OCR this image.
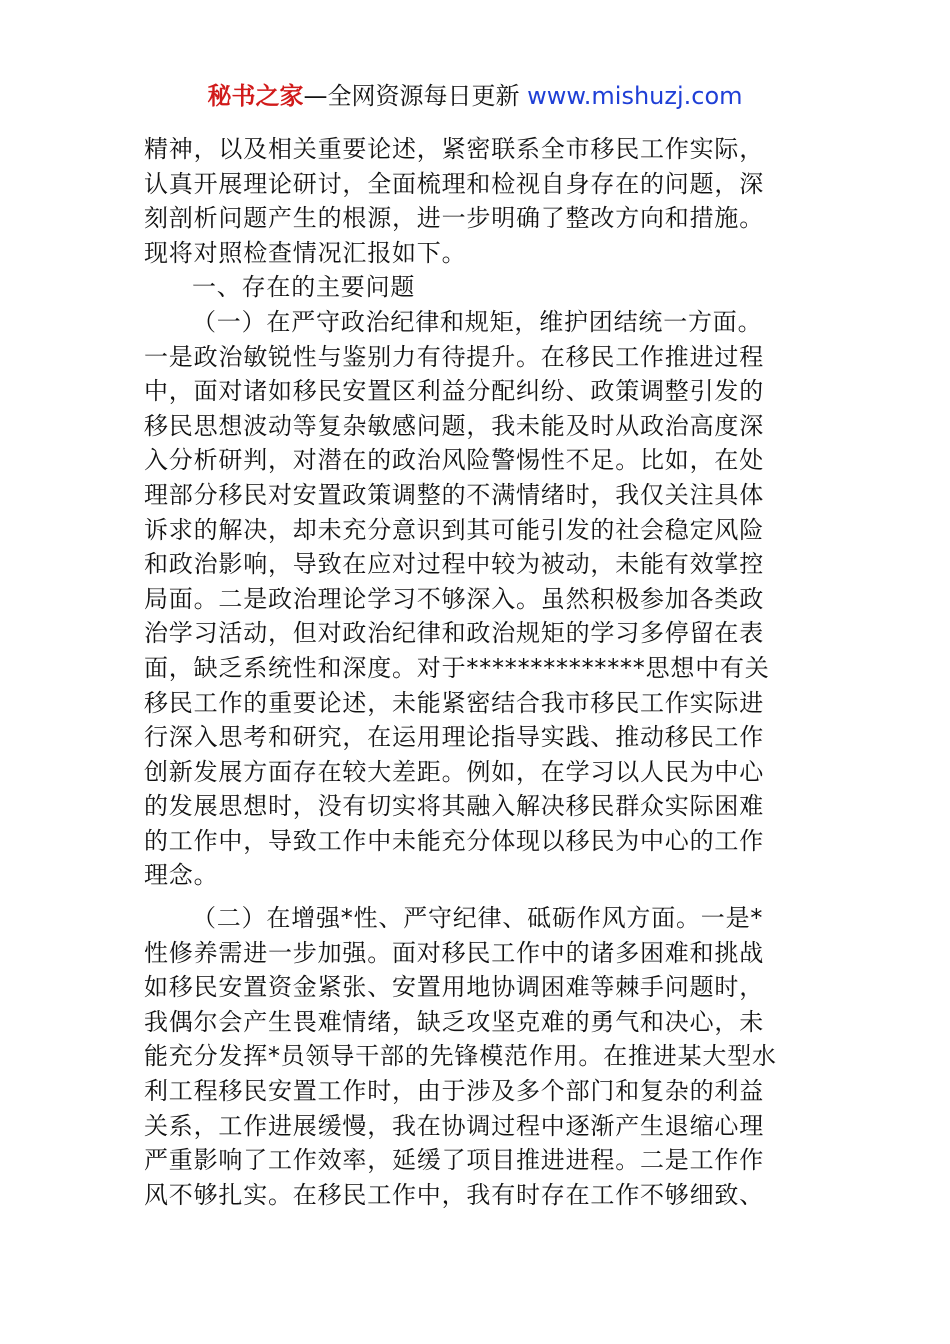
秘书之家—全网资源每日更新 www.mishuzj.com
精神，以及相关重要论述，紧密联系全市移民工作实际，
认真开展理论研讨，全面梳理和检视自身存在的问题，深
刻剖析问题产生的根源，进一步明确了整改方向和措施。
现将对照检查情况汇报如下。
一、存在的主要问题
（一）在严守政治纪律和规矩，维护团结统一方面。
一是政治敏锐性与鉴别力有待提升。在移民工作推进过程
中，面对诸如移民安置区利益分配纠纷、政策调整引发的
移民思想波动等复杂敏感问题，我未能及时从政治高度深
入分析研判，对潜在的政治风险警惕性不足。比如，在处
理部分移民对安置政策调整的不满情绪时，我仅关注具体
诉求的解决，却未充分意识到其可能引发的社会稳定风险
和政治影响，导致在应对过程中较为被动，未能有效掌控
局面。二是政治理论学习不够深入。虽然积极参加各类政
治学习活动，但对政治纪律和政治规矩的学习多停留在表
面，缺乏系统性和深度。对于**************思想中有关
移民工作的重要论述，未能紧密结合我市移民工作实际进
行深入思考和研究，在运用理论指导实践、推动移民工作
创新发展方面存在较大差距。例如，在学习以人民为中心
的发展思想时，没有切实将其融入解决移民群众实际困难
的工作中，导致工作中未能充分体现以移民为中心的工作
理念。
（二）在增强*性、严守纪律、砥砺作风方面。一是*
性修养需进一步加强。面对移民工作中的诸多困难和挑战
如移民安置资金紧张、安置用地协调困难等棘手问题时，
我偶尔会产生畏难情绪，缺乏攻坚克难的勇气和决心，未
能充分发挥*员领导干部的先锋模范作用。在推进某大型水
利工程移民安置工作时，由于涉及多个部门和复杂的利益
关系，工作进展缓慢，我在协调过程中逐渐产生退缩心理
严重影响了工作效率，延缓了项目推进进程。二是工作作
风不够扎实。在移民工作中，我有时存在工作不够细致、
